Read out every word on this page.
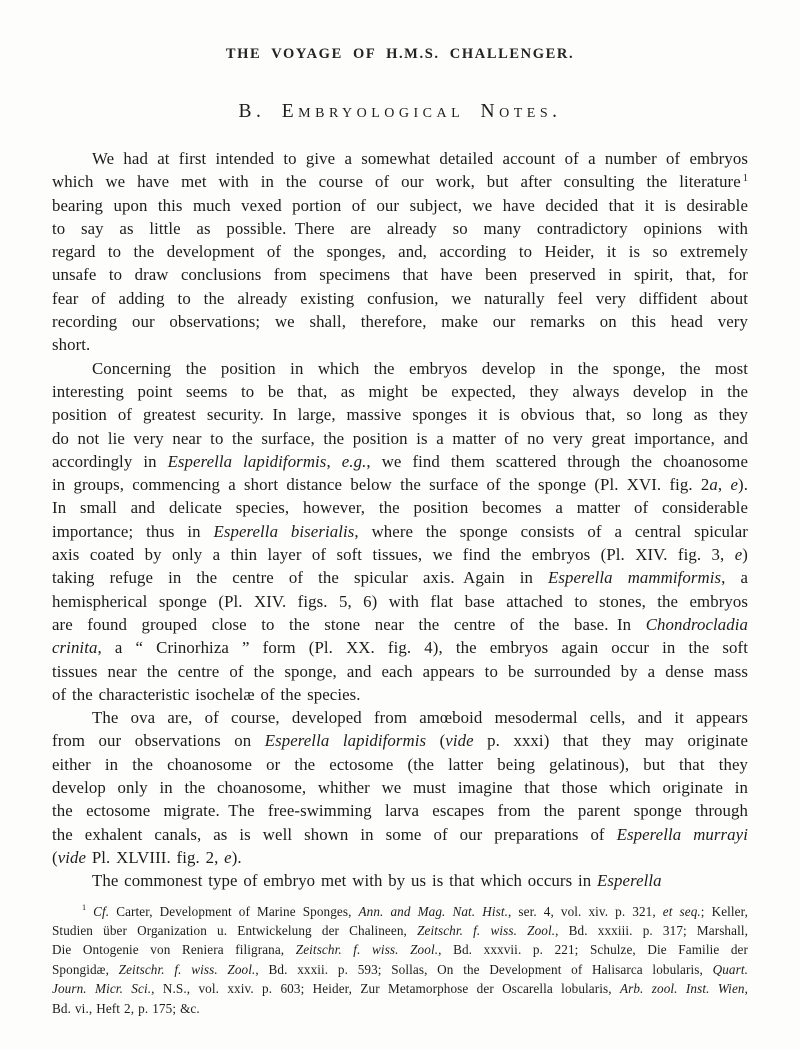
THE VOYAGE OF H.M.S. CHALLENGER.
B. Embryological Notes.
We had at first intended to give a somewhat detailed account of a number of embryos
which we have met with in the course of our work, but after consulting the literature $^1$
bearing upon this much vexed portion of our subject, we have decided that it is desirable
to say as little as possible. There are already so many contradictory opinions with
regard to the development of the sponges, and, according to Heider, it is so extremely
unsafe to draw conclusions from specimens that have been preserved in spirit, that, for
fear of adding to the already existing confusion, we naturally feel very diffident about
recording our observations; we shall, therefore, make our remarks on this head very
short.
Concerning the position in which the embryos develop in the sponge, the most
interesting point seems to be that, as might be expected, they always develop in the
position of greatest security. In large, massive sponges it is obvious that, so long as they
do not lie very near to the surface, the position is a matter of no very great importance, and
accordingly in Esperella lapidiformis, e.g., we find them scattered through the choanosome
in groups, commencing a short distance below the surface of the sponge (Pl. XVI. fig. 2a, e).
In small and delicate species, however, the position becomes a matter of considerable
importance; thus in Esperella biserialis, where the sponge consists of a central spicular
axis coated by only a thin layer of soft tissues, we find the embryos (Pl. XIV. fig. 3, e)
taking refuge in the centre of the spicular axis. Again in Esperella mammiformis, a
hemispherical sponge (Pl. XIV. figs. 5, 6) with flat base attached to stones, the embryos
are found grouped close to the stone near the centre of the base. In Chondrocladia
crinita, a “ Crinorhiza ” form (Pl. XX. fig. 4), the embryos again occur in the soft
tissues near the centre of the sponge, and each appears to be surrounded by a dense mass
of the characteristic isochelæ of the species.
The ova are, of course, developed from amœboid mesodermal cells, and it appears
from our observations on Esperella lapidiformis (vide p. xxxi) that they may originate
either in the choanosome or the ectosome (the latter being gelatinous), but that they
develop only in the choanosome, whither we must imagine that those which originate in
the ectosome migrate. The free-swimming larva escapes from the parent sponge through
the exhalent canals, as is well shown in some of our preparations of Esperella murrayi
(vide Pl. XLVIII. fig. 2, e).
The commonest type of embryo met with by us is that which occurs in Esperella
$^1$ Cf. Carter, Development of Marine Sponges, Ann. and Mag. Nat. Hist., ser. 4, vol. xiv. p. 321, et seq.; Keller,
Studien über Organization u. Entwickelung der Chalineen, Zeitschr. f. wiss. Zool., Bd. xxxiii. p. 317; Marshall,
Die Ontogenie von Reniera filigrana, Zeitschr. f. wiss. Zool., Bd. xxxvii. p. 221; Schulze, Die Familie der
Spongidæ, Zeitschr. f. wiss. Zool., Bd. xxxii. p. 593; Sollas, On the Development of Halisarca lobularis, Quart.
Journ. Micr. Sci., N.S., vol. xxiv. p. 603; Heider, Zur Metamorphose der Oscarella lobularis, Arb. zool. Inst. Wien,
Bd. vi., Heft 2, p. 175; &c.
